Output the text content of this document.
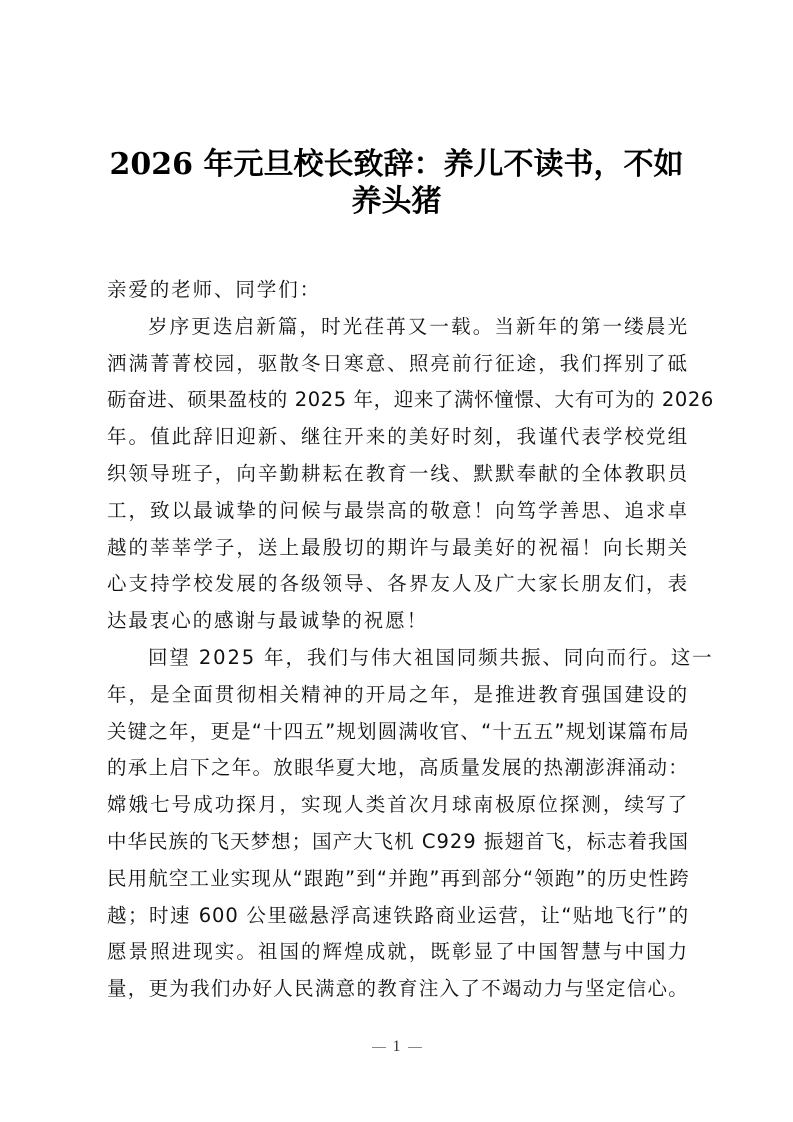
2026 年元旦校长致辞：养儿不读书，不如
养头猪

亲爱的老师、同学们：

岁序更迭启新篇，时光荏苒又一载。当新年的第一缕晨光
洒满菁菁校园，驱散冬日寒意、照亮前行征途，我们挥别了砥
砺奋进、硕果盈枝的 2025 年，迎来了满怀憧憬、大有可为的 2026
年。值此辞旧迎新、继往开来的美好时刻，我谨代表学校党组
织领导班子，向辛勤耕耘在教育一线、默默奉献的全体教职员
工，致以最诚挚的问候与最崇高的敬意！向笃学善思、追求卓
越的莘莘学子，送上最殷切的期许与最美好的祝福！向长期关
心支持学校发展的各级领导、各界友人及广大家长朋友们，表
达最衷心的感谢与最诚挚的祝愿！

回望 2025 年，我们与伟大祖国同频共振、同向而行。这一
年，是全面贯彻相关精神的开局之年，是推进教育强国建设的
关键之年，更是“十四五”规划圆满收官、“十五五”规划谋篇布局
的承上启下之年。放眼华夏大地，高质量发展的热潮澎湃涌动：
嫦娥七号成功探月，实现人类首次月球南极原位探测，续写了
中华民族的飞天梦想；国产大飞机 C929 振翅首飞，标志着我国
民用航空工业实现从“跟跑”到“并跑”再到部分“领跑”的历史性跨
越；时速 600 公里磁悬浮高速铁路商业运营，让“贴地飞行”的
愿景照进现实。祖国的辉煌成就，既彰显了中国智慧与中国力
量，更为我们办好人民满意的教育注入了不竭动力与坚定信心。

1
